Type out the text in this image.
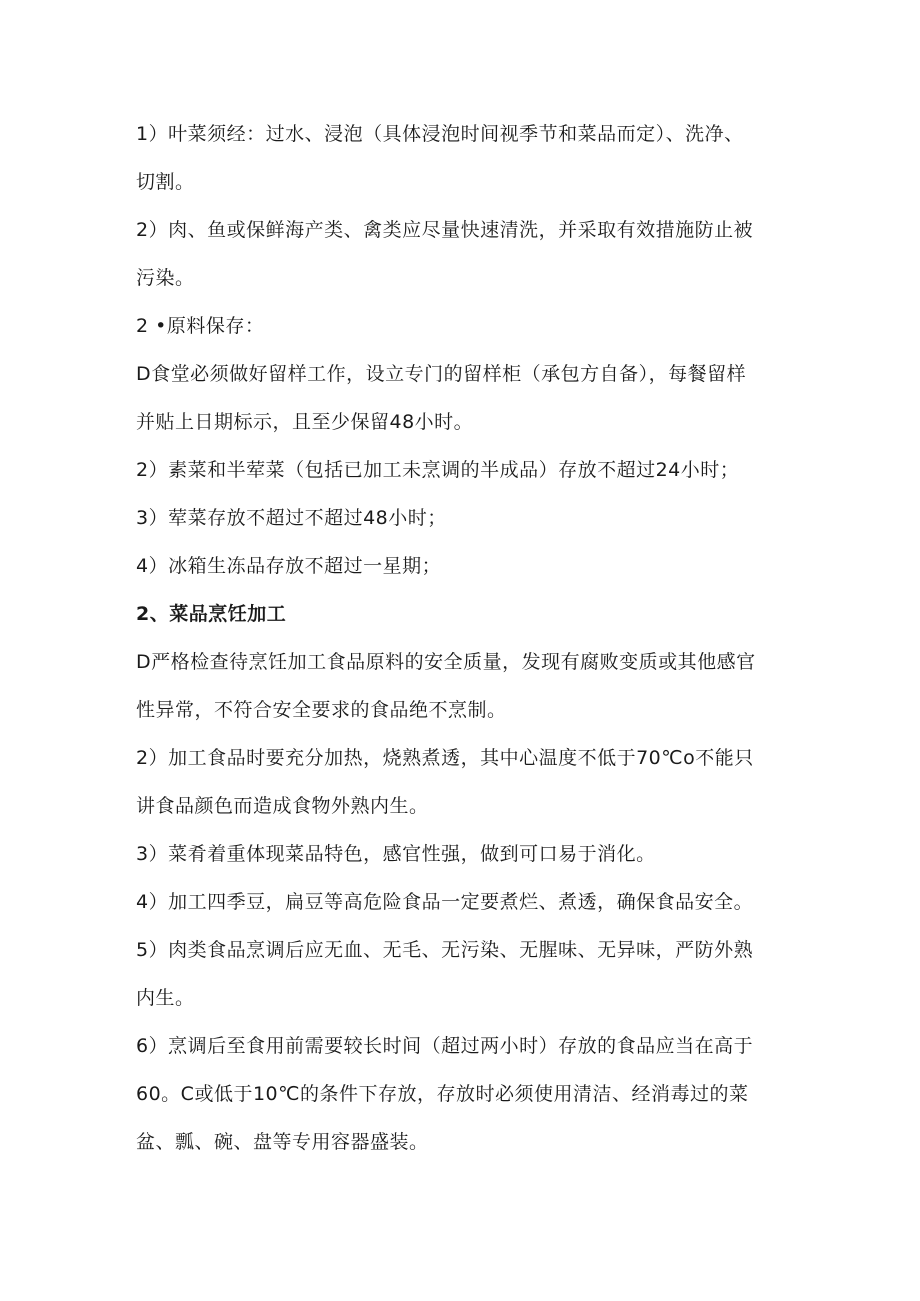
1）叶菜须经：过水、浸泡（具体浸泡时间视季节和菜品而定）、洗净、
切割。

2）肉、鱼或保鲜海产类、禽类应尽量快速清洗，并采取有效措施防止被
污染。

2 •原料保存：

D食堂必须做好留样工作，设立专门的留样柜（承包方自备），每餐留样
并贴上日期标示，且至少保留48小时。

2）素菜和半荤菜（包括已加工未烹调的半成品）存放不超过24小时；

3）荤菜存放不超过不超过48小时；

4）冰箱生冻品存放不超过一星期；

2、菜品烹饪加工

D严格检查待烹饪加工食品原料的安全质量，发现有腐败变质或其他感官
性异常，不符合安全要求的食品绝不烹制。

2）加工食品时要充分加热，烧熟煮透，其中心温度不低于70℃o不能只
讲食品颜色而造成食物外熟内生。

3）菜肴着重体现菜品特色，感官性强，做到可口易于消化。

4）加工四季豆，扁豆等高危险食品一定要煮烂、煮透，确保食品安全。

5）肉类食品烹调后应无血、无毛、无污染、无腥味、无异味，严防外熟
内生。

6）烹调后至食用前需要较长时间（超过两小时）存放的食品应当在高于
60。C或低于10℃的条件下存放，存放时必须使用清洁、经消毒过的菜
盆、瓢、碗、盘等专用容器盛装。
